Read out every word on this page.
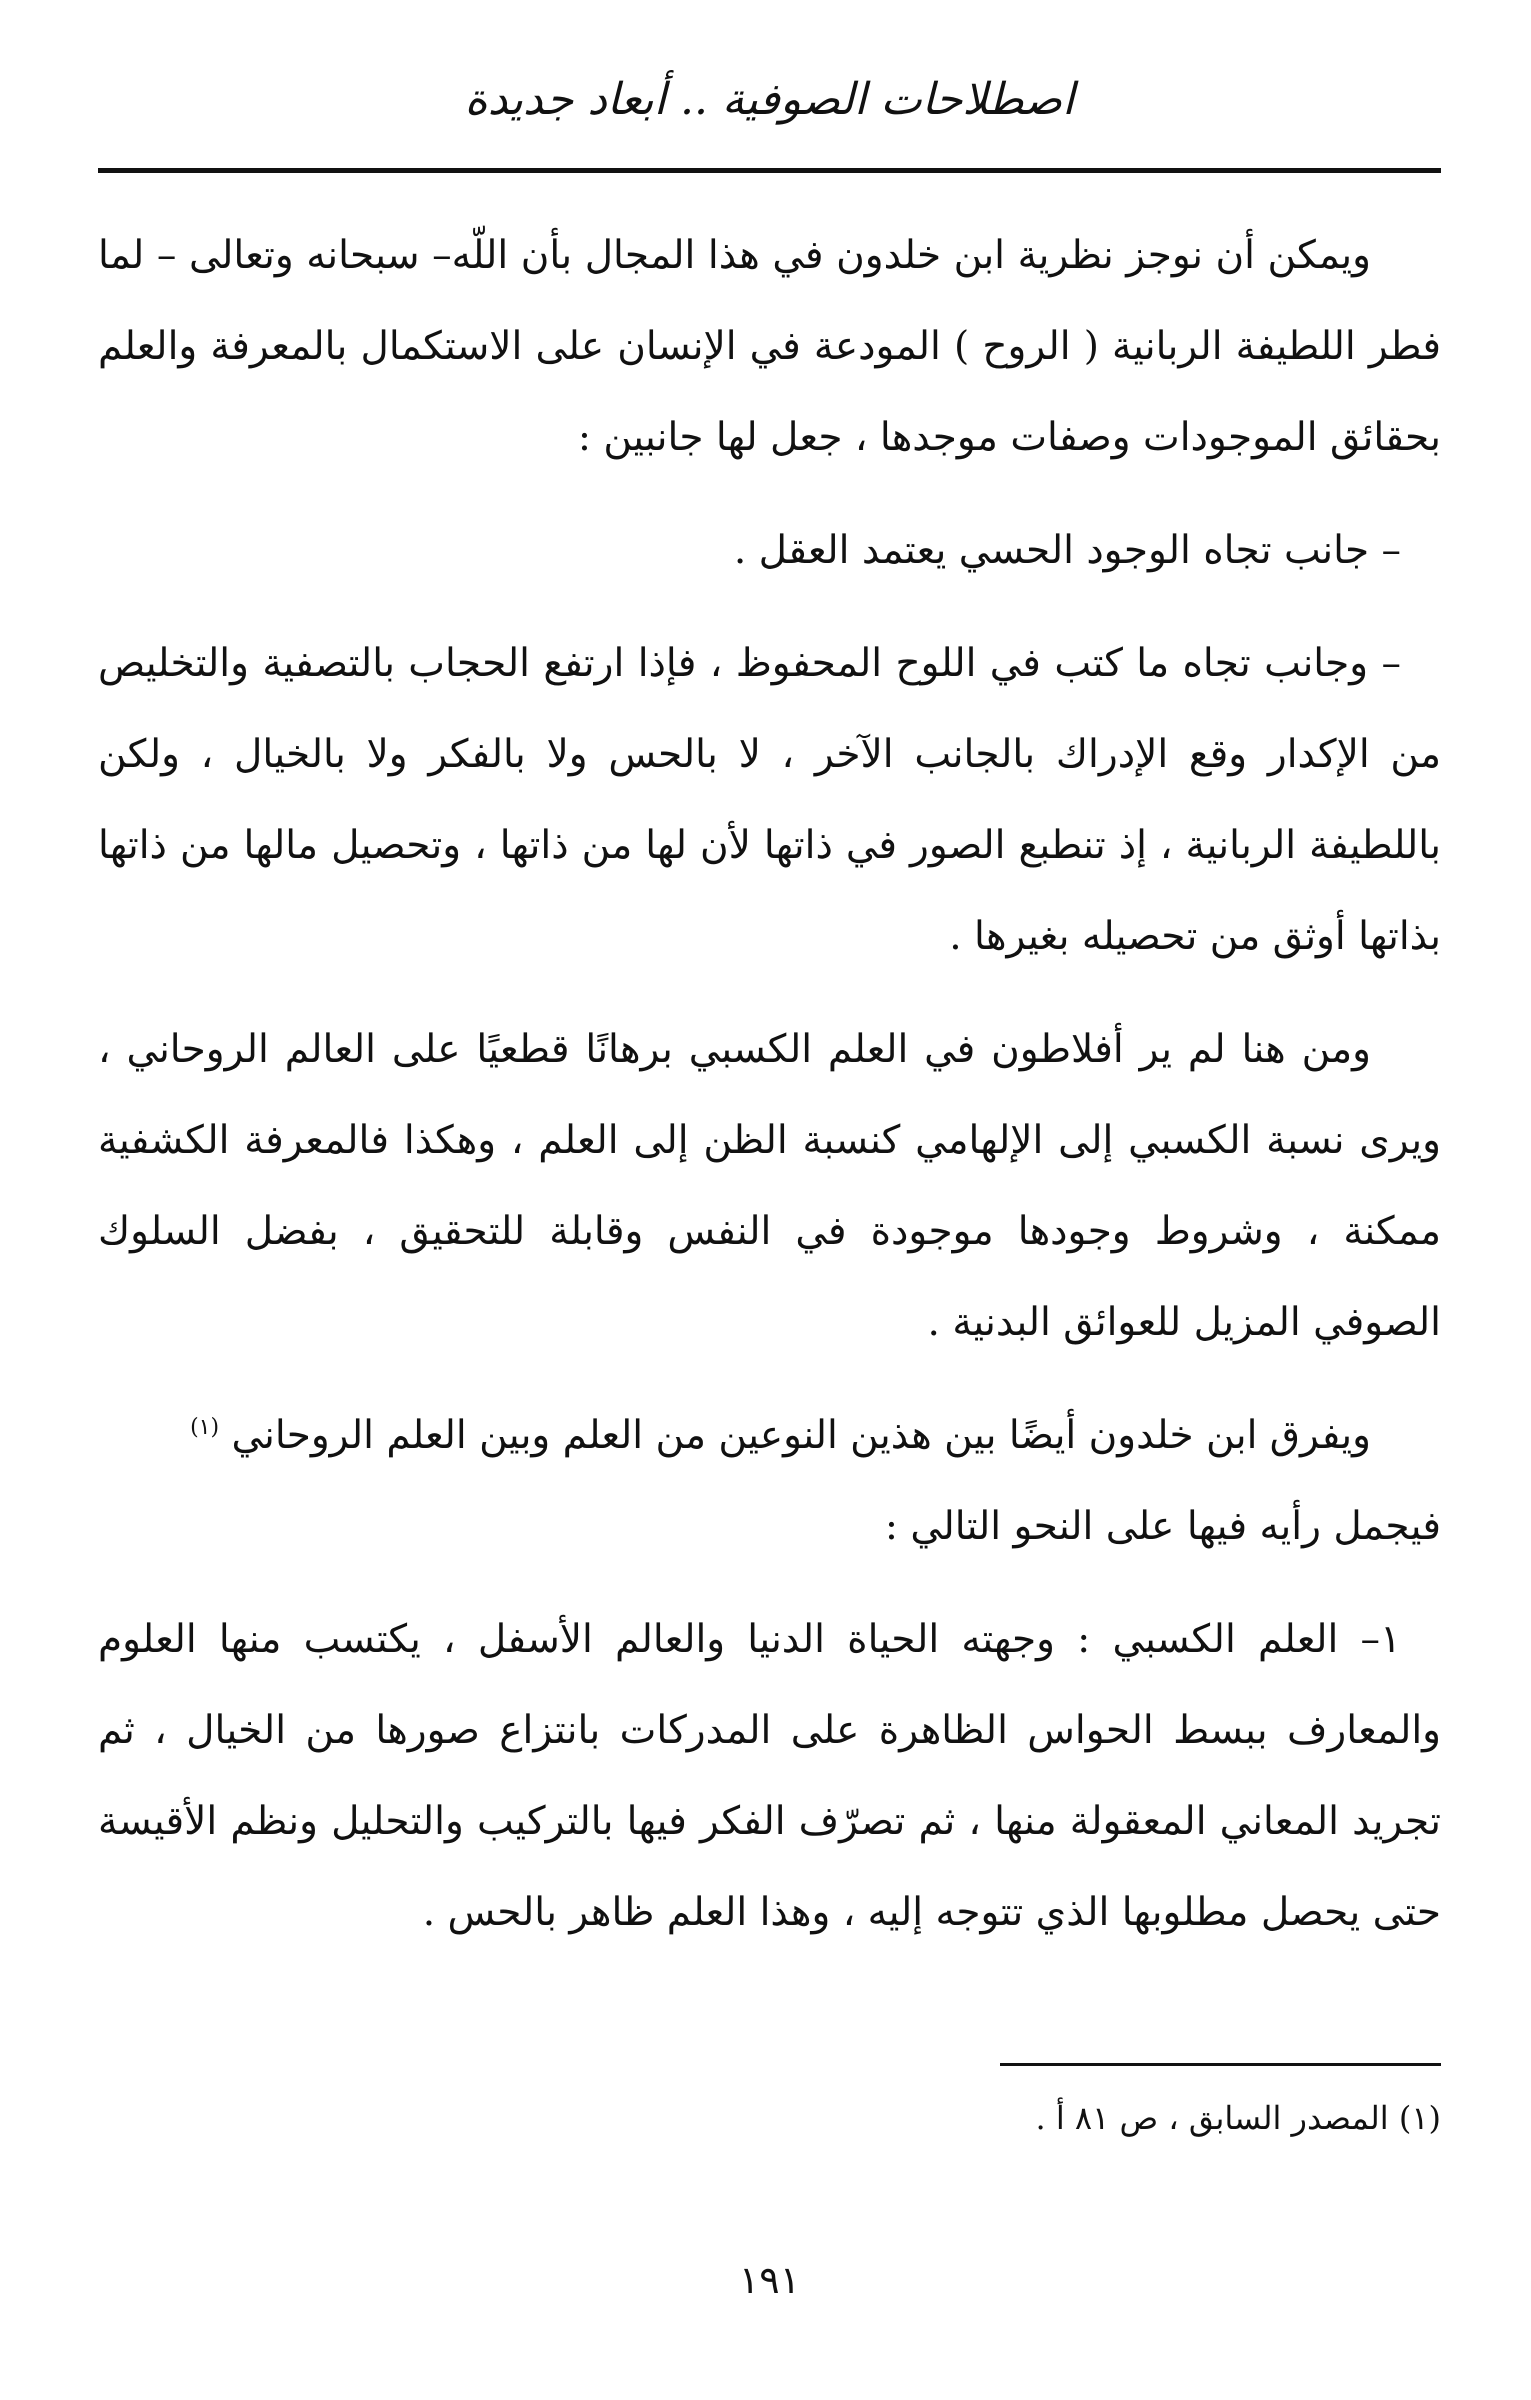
اصطلاحات الصوفية .. أبعاد جديدة

ويمكن أن نوجز نظرية ابن خلدون في هذا المجال بأن اللّه– سبحانه وتعالى – لما فطر اللطيفة الربانية ( الروح ) المودعة في الإنسان على الاستكمال بالمعرفة والعلم بحقائق الموجودات وصفات موجدها ، جعل لها جانبين :

– جانب تجاه الوجود الحسي يعتمد العقل .

– وجانب تجاه ما كتب في اللوح المحفوظ ، فإذا ارتفع الحجاب بالتصفية والتخليص من الإكدار وقع الإدراك بالجانب الآخر ، لا بالحس ولا بالفكر ولا بالخيال ، ولكن باللطيفة الربانية ، إذ تنطبع الصور في ذاتها لأن لها من ذاتها ، وتحصيل مالها من ذاتها بذاتها أوثق من تحصيله بغيرها .

ومن هنا لم ير أفلاطون في العلم الكسبي برهانًا قطعيًا على العالم الروحاني ، ويرى نسبة الكسبي إلى الإلهامي كنسبة الظن إلى العلم ، وهكذا فالمعرفة الكشفية ممكنة ، وشروط وجودها موجودة في النفس وقابلة للتحقيق ، بفضل السلوك الصوفي المزيل للعوائق البدنية .

ويفرق ابن خلدون أيضًا بين هذين النوعين من العلم وبين العلم الروحاني $^{(١)}$

فيجمل رأيه فيها على النحو التالي :

١– العلم الكسبي : وجهته الحياة الدنيا والعالم الأسفل ، يكتسب منها العلوم والمعارف ببسط الحواس الظاهرة على المدركات بانتزاع صورها من الخيال ، ثم تجريد المعاني المعقولة منها ، ثم تصرّف الفكر فيها بالتركيب والتحليل ونظم الأقيسة حتى يحصل مطلوبها الذي تتوجه إليه ، وهذا العلم ظاهر بالحس .

(١) المصدر السابق ، ص ٨١ أ .
١٩١
